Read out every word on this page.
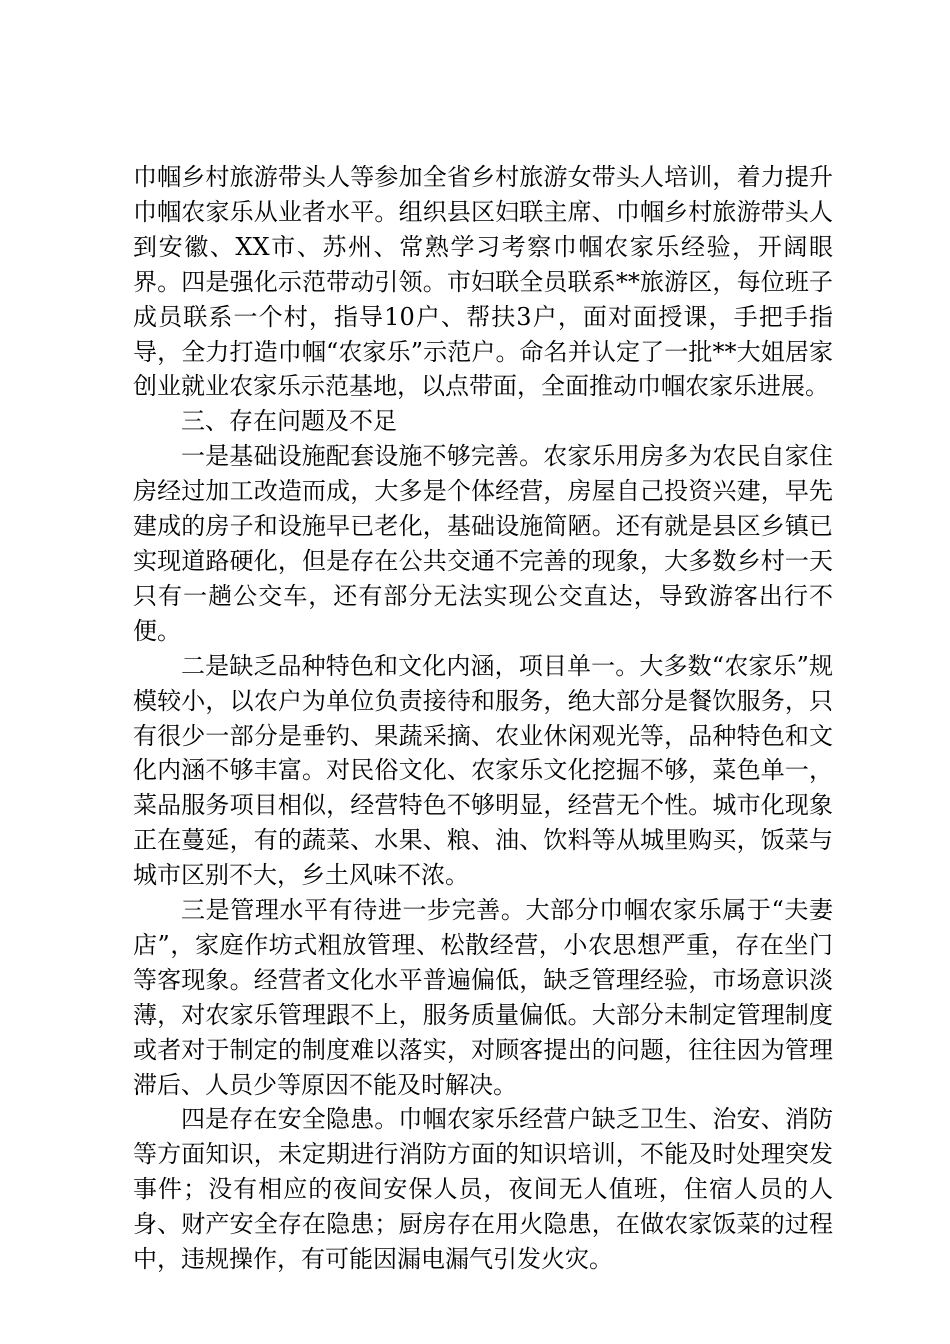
巾帼乡村旅游带头人等参加全省乡村旅游女带头人培训，着力提升巾帼农家乐从业者水平。组织县区妇联主席、巾帼乡村旅游带头人到安徽、XX市、苏州、常熟学习考察巾帼农家乐经验，开阔眼界。四是强化示范带动引领。市妇联全员联系**旅游区，每位班子成员联系一个村，指导10户、帮扶3户，面对面授课，手把手指导，全力打造巾帼“农家乐”示范户。命名并认定了一批**大姐居家创业就业农家乐示范基地，以点带面，全面推动巾帼农家乐进展。

三、存在问题及不足

一是基础设施配套设施不够完善。农家乐用房多为农民自家住房经过加工改造而成，大多是个体经营，房屋自己投资兴建，早先建成的房子和设施早已老化，基础设施简陋。还有就是县区乡镇已实现道路硬化，但是存在公共交通不完善的现象，大多数乡村一天只有一趟公交车，还有部分无法实现公交直达，导致游客出行不便。

二是缺乏品种特色和文化内涵，项目单一。大多数“农家乐”规模较小，以农户为单位负责接待和服务，绝大部分是餐饮服务，只有很少一部分是垂钓、果蔬采摘、农业休闲观光等，品种特色和文化内涵不够丰富。对民俗文化、农家乐文化挖掘不够，菜色单一，菜品服务项目相似，经营特色不够明显，经营无个性。城市化现象正在蔓延，有的蔬菜、水果、粮、油、饮料等从城里购买，饭菜与城市区别不大，乡土风味不浓。

三是管理水平有待进一步完善。大部分巾帼农家乐属于“夫妻店”，家庭作坊式粗放管理、松散经营，小农思想严重，存在坐门等客现象。经营者文化水平普遍偏低，缺乏管理经验，市场意识淡薄，对农家乐管理跟不上，服务质量偏低。大部分未制定管理制度或者对于制定的制度难以落实，对顾客提出的问题，往往因为管理滞后、人员少等原因不能及时解决。

四是存在安全隐患。巾帼农家乐经营户缺乏卫生、治安、消防等方面知识，未定期进行消防方面的知识培训，不能及时处理突发事件；没有相应的夜间安保人员，夜间无人值班，住宿人员的人身、财产安全存在隐患；厨房存在用火隐患，在做农家饭菜的过程中，违规操作，有可能因漏电漏气引发火灾。
